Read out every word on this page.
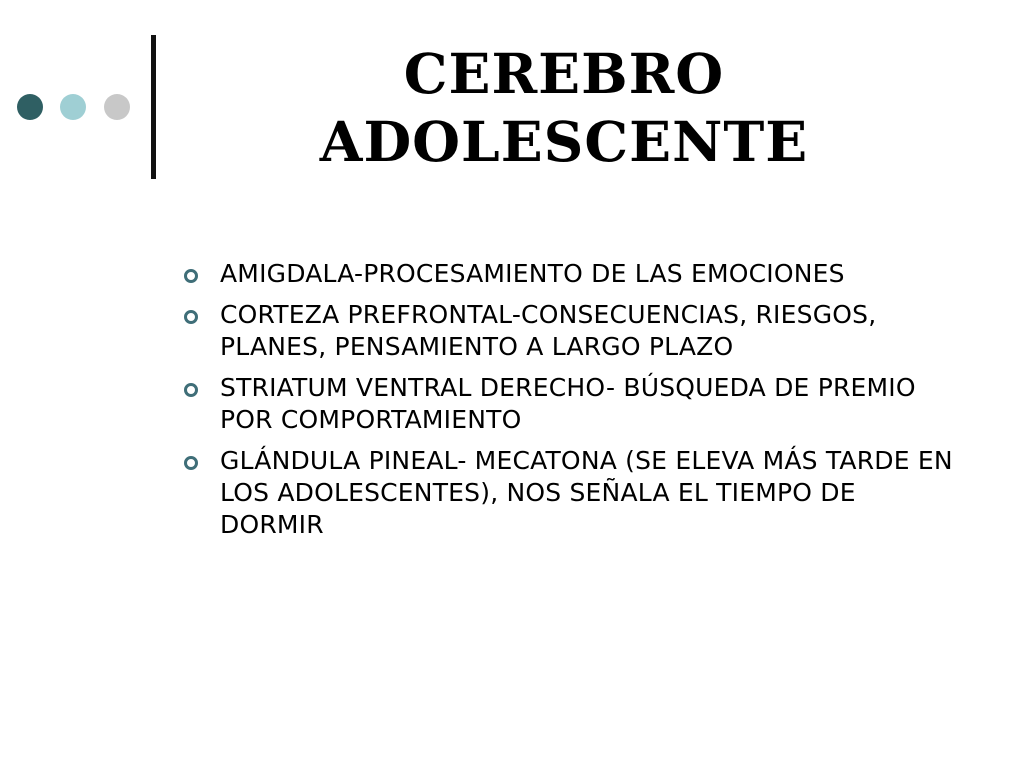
CEREBRO
ADOLESCENTE
AMIGDALA-PROCESAMIENTO DE LAS EMOCIONES
CORTEZA PREFRONTAL-CONSECUENCIAS, RIESGOS, PLANES, PENSAMIENTO A LARGO PLAZO
STRIATUM VENTRAL DERECHO- BÚSQUEDA DE PREMIO POR COMPORTAMIENTO
GLÁNDULA PINEAL- MECATONA (SE ELEVA MÁS TARDE EN LOS ADOLESCENTES), NOS SEÑALA EL TIEMPO DE DORMIR
